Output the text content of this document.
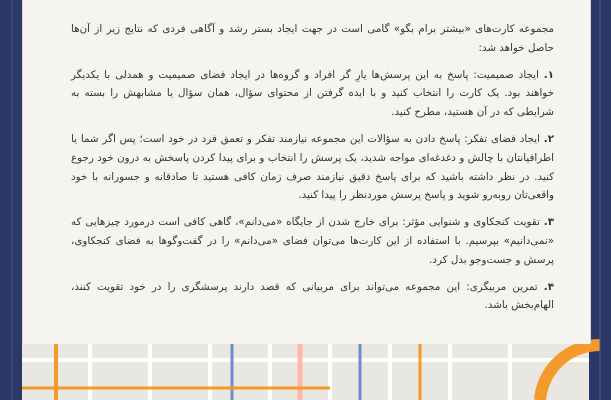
مجموعه کارت‌های «بیشتر برام بگو» گامی است در جهت ایجاد بستر رشد و آگاهی فردی که نتایج زیر از آن‌ها حاصل خواهد شد:

۱. ایجاد صمیمیت: پاسخ به این پرسش‌ها یارِ گر افراد و گروه‌ها در ایجاد فضای صمیمیت و همدلی با یکدیگر خواهند بود. یک کارت را انتخاب کنید و با ایده گرفتن از محتوای سؤال، همان سؤال یا مشابهش را بسته به شرایطی که در آن هستید، مطرح کنید.

۲. ایجاد فضای تفکر: پاسخ دادن به سؤالات این مجموعه نیازمند تفکر و تعمق فرد در خود است؛ پس اگر شما یا اطرافیانتان با چالش و دغدغه‌ای مواجه شدید، یک پرسش را انتخاب و برای پیدا کردن پاسخش به درون خود رجوع کنید. در نظر داشته باشید که برای پاسخ دقیق نیازمند صرف زمان کافی هستید تا صادقانه و جسورانه با خود واقعی‌تان روبه‌رو شوید و پاسخ پرسش موردنظر را پیدا کنید.

۳. تقویت کنجکاوی و شنوایی مؤثر: برای خارج شدن از جایگاه «می‌دانم»، گاهی کافی است درمورد چیزهایی که «نمی‌دانیم» بپرسیم. با استفاده از این کارت‌ها می‌توان فضای «می‌دانم» را در گفت‌وگوها به فضای کنجکاوی، پرسش و جست‌وجو بدل کرد.

۴. تمرین مربیگری: این مجموعه می‌تواند برای مربیانی که قصد دارند پرسشگری را در خود تقویت کنند، الهام‌بخش باشد.
